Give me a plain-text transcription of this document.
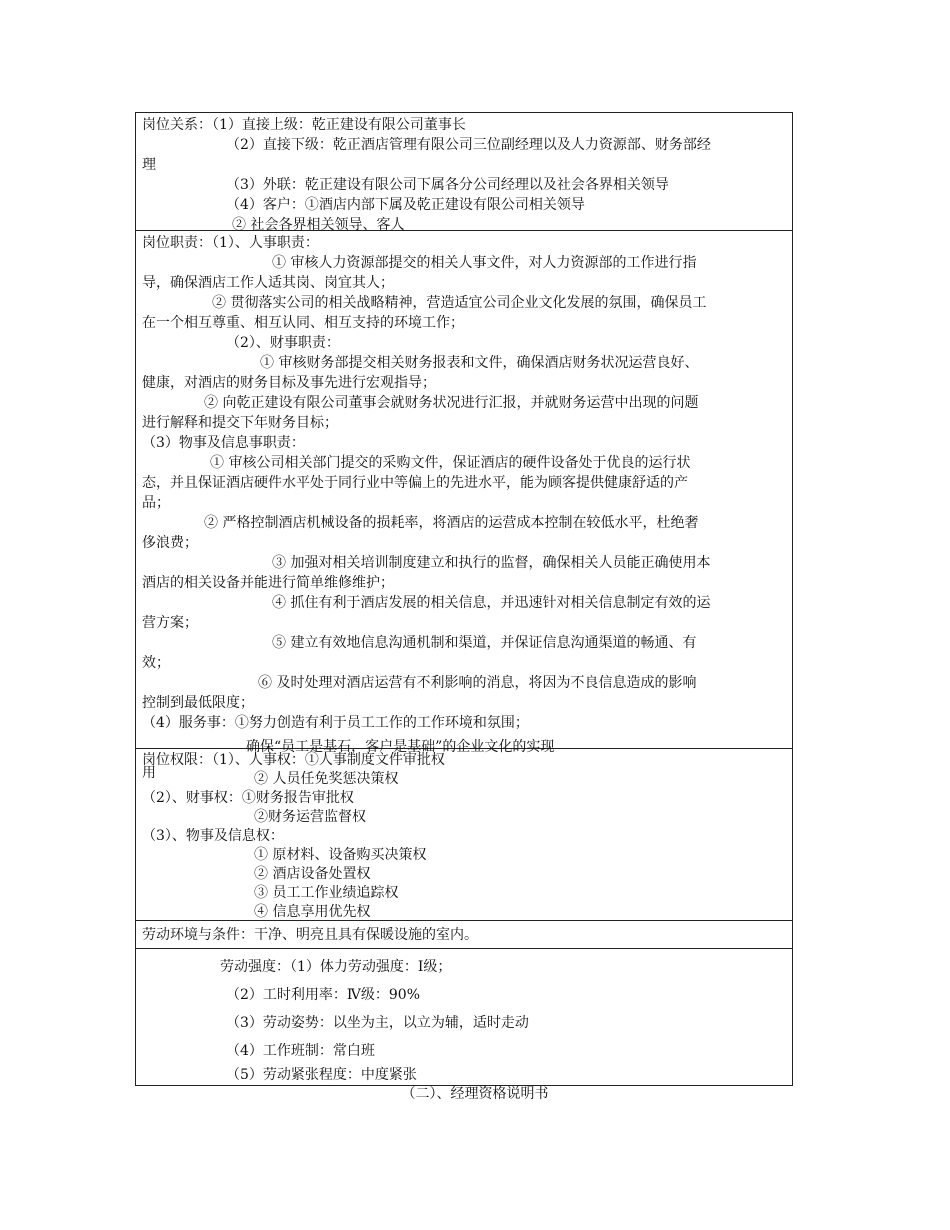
岗位关系：（1）直接上级：乾正建设有限公司董事长
（2）直接下级：乾正酒店管理有限公司三位副经理以及人力资源部、财务部经
理
（3）外联：乾正建设有限公司下属各分公司经理以及社会各界相关领导
（4）客户：①酒店内部下属及乾正建设有限公司相关领导
② 社会各界相关领导、客人
岗位职责：（1）、人事职责：
① 审核人力资源部提交的相关人事文件，对人力资源部的工作进行指
导，确保酒店工作人适其岗、岗宜其人；
② 贯彻落实公司的相关战略精神，营造适宜公司企业文化发展的氛围，确保员工
在一个相互尊重、相互认同、相互支持的环境工作；
（2）、财事职责：
① 审核财务部提交相关财务报表和文件，确保酒店财务状况运营良好、
健康，对酒店的财务目标及事先进行宏观指导；
② 向乾正建设有限公司董事会就财务状况进行汇报，并就财务运营中出现的问题
进行解释和提交下年财务目标；
（3）物事及信息事职责：
① 审核公司相关部门提交的采购文件，保证酒店的硬件设备处于优良的运行状
态，并且保证酒店硬件水平处于同行业中等偏上的先进水平，能为顾客提供健康舒适的产
品；
② 严格控制酒店机械设备的损耗率，将酒店的运营成本控制在较低水平，杜绝奢
侈浪费；
③ 加强对相关培训制度建立和执行的监督，确保相关人员能正确使用本
酒店的相关设备并能进行简单维修维护；
④ 抓住有利于酒店发展的相关信息，并迅速针对相关信息制定有效的运
营方案；
⑤ 建立有效地信息沟通机制和渠道，并保证信息沟通渠道的畅通、有
效；
⑥ 及时处理对酒店运营有不利影响的消息，将因为不良信息造成的影响
控制到最低限度；
（4）服务事：①努力创造有利于员工工作的工作环境和氛围；
确保“员工是基石，客户是基础”的企业文化的实现
用
岗位权限：（1）、人事权：①人事制度文件审批权
② 人员任免奖惩决策权
（2）、财事权：①财务报告审批权
②财务运营监督权
（3）、物事及信息权：
① 原材料、设备购买决策权
② 酒店设备处置权
③ 员工工作业绩追踪权
④ 信息享用优先权
劳动环境与条件：干净、明亮且具有保暖设施的室内。
劳动强度：（1）体力劳动强度：Ⅰ级；
（2）工时利用率：Ⅳ级：90%
（3）劳动姿势：以坐为主，以立为辅，适时走动
（4）工作班制：常白班
（5）劳动紧张程度：中度紧张
（二）、经理资格说明书
